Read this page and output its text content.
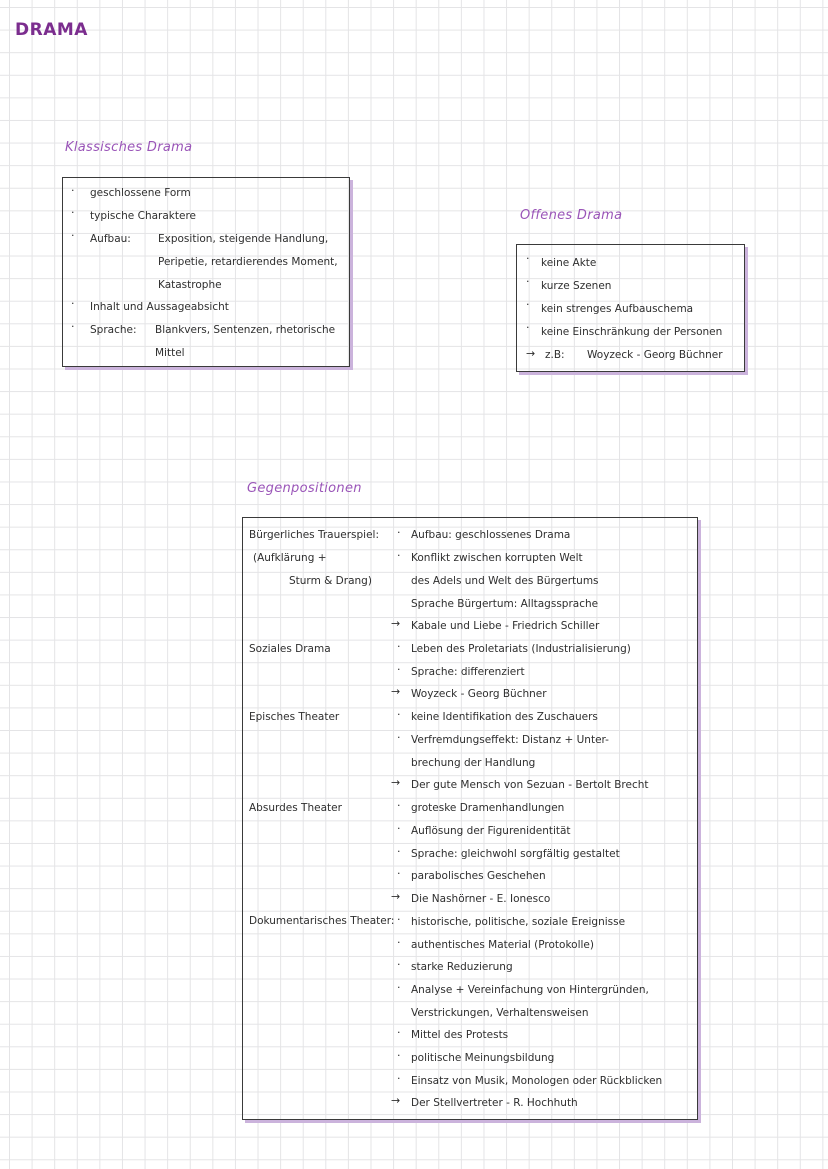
DRAMA
Klassisches Drama
· geschlossene Form
· typische Charaktere
· Aufbau:	Exposition, steigende Handlung,
Peripetie, retardierendes Moment,
Katastrophe
· Inhalt und Aussageabsicht
· Sprache: Blankvers, Sentenzen, rhetorische
Mittel
Offenes Drama
· keine Akte
· kurze Szenen
· kein strenges Aufbauschema
· keine Einschränkung der Personen
→ z.B: Woyzeck - Georg Büchner
Gegenpositionen
Bürgerliches Trauerspiel:
(Aufklärung +
Sturm & Drang)
Soziales Drama
Episches Theater
Absurdes Theater
Dokumentarisches Theater:
·
·
→
·
·
→
·
·
→
·
·
·
·
→
·
·
·
·
·
·
·
→
Aufbau: geschlossenes Drama
Konflikt zwischen korrupten Welt
des Adels und Welt des Bürgertums
Sprache Bürgertum: Alltagssprache
Kabale und Liebe - Friedrich Schiller
Leben des Proletariats (Industrialisierung)
Sprache: differenziert
Woyzeck - Georg Büchner
keine Identifikation des Zuschauers
Verfremdungseffekt: Distanz + Unter-
brechung der Handlung
Der gute Mensch von Sezuan - Bertolt Brecht
groteske Dramenhandlungen
Auflösung der Figurenidentität
Sprache: gleichwohl sorgfältig gestaltet
parabolisches Geschehen
Die Nashörner - E. Ionesco
historische, politische, soziale Ereignisse
authentisches Material (Protokolle)
starke Reduzierung
Analyse + Vereinfachung von Hintergründen,
Verstrickungen, Verhaltensweisen
Mittel des Protests
politische Meinungsbildung
Einsatz von Musik, Monologen oder Rückblicken
Der Stellvertreter - R. Hochhuth
